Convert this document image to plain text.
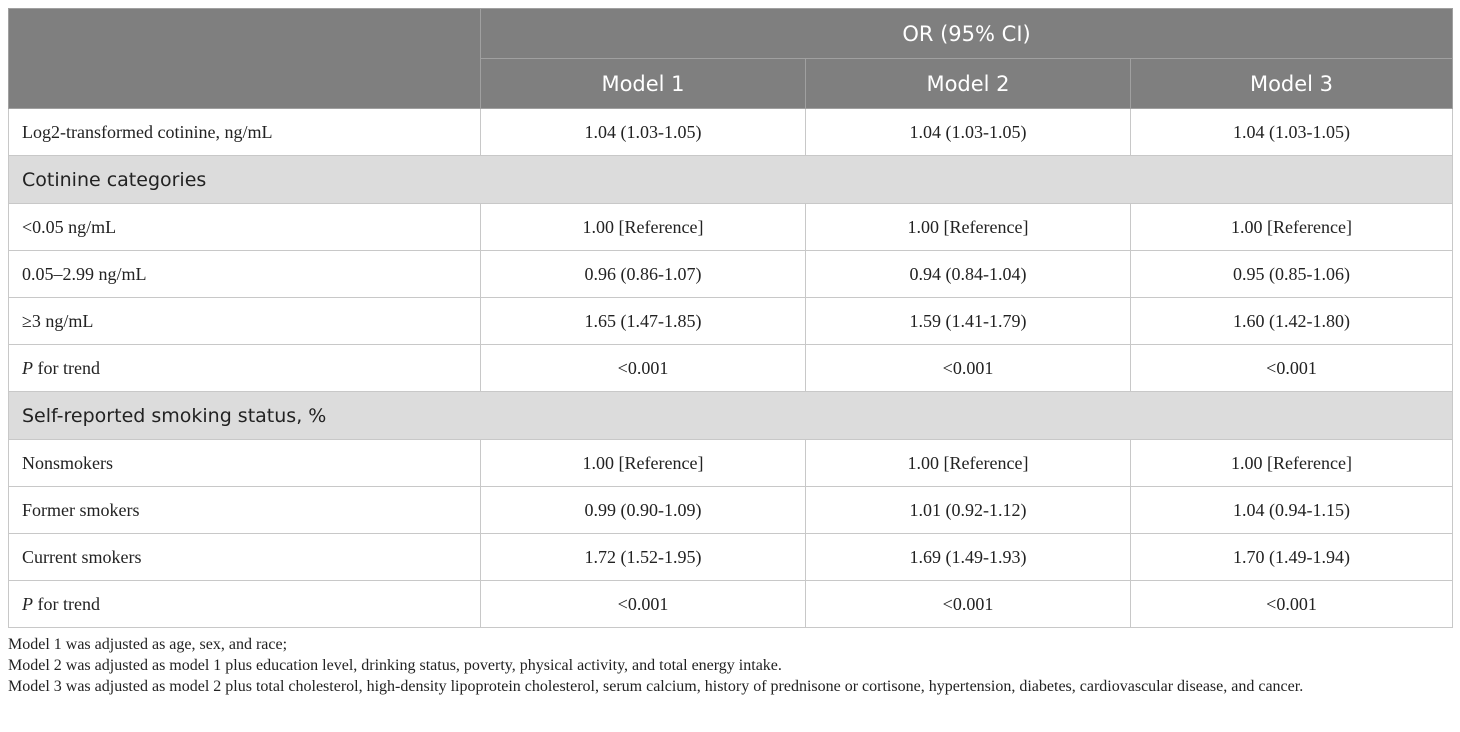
	OR (95% CI)		
	Model 1	Model 2	Model 3
Log2-transformed cotinine, ng/mL	1.04 (1.03-1.05)	1.04 (1.03-1.05)	1.04 (1.03-1.05)
Cotinine categories			
<0.05 ng/mL	1.00 [Reference]	1.00 [Reference]	1.00 [Reference]
0.05–2.99 ng/mL	0.96 (0.86-1.07)	0.94 (0.84-1.04)	0.95 (0.85-1.06)
≥3 ng/mL	1.65 (1.47-1.85)	1.59 (1.41-1.79)	1.60 (1.42-1.80)
P for trend	<0.001	<0.001	<0.001
Self-reported smoking status, %			
Nonsmokers	1.00 [Reference]	1.00 [Reference]	1.00 [Reference]
Former smokers	0.99 (0.90-1.09)	1.01 (0.92-1.12)	1.04 (0.94-1.15)
Current smokers	1.72 (1.52-1.95)	1.69 (1.49-1.93)	1.70 (1.49-1.94)
P for trend	<0.001	<0.001	<0.001
Model 1 was adjusted as age, sex, and race;
Model 2 was adjusted as model 1 plus education level, drinking status, poverty, physical activity, and total energy intake.
Model 3 was adjusted as model 2 plus total cholesterol, high-density lipoprotein cholesterol, serum calcium, history of prednisone or cortisone, hypertension, diabetes, cardiovascular disease, and cancer.
